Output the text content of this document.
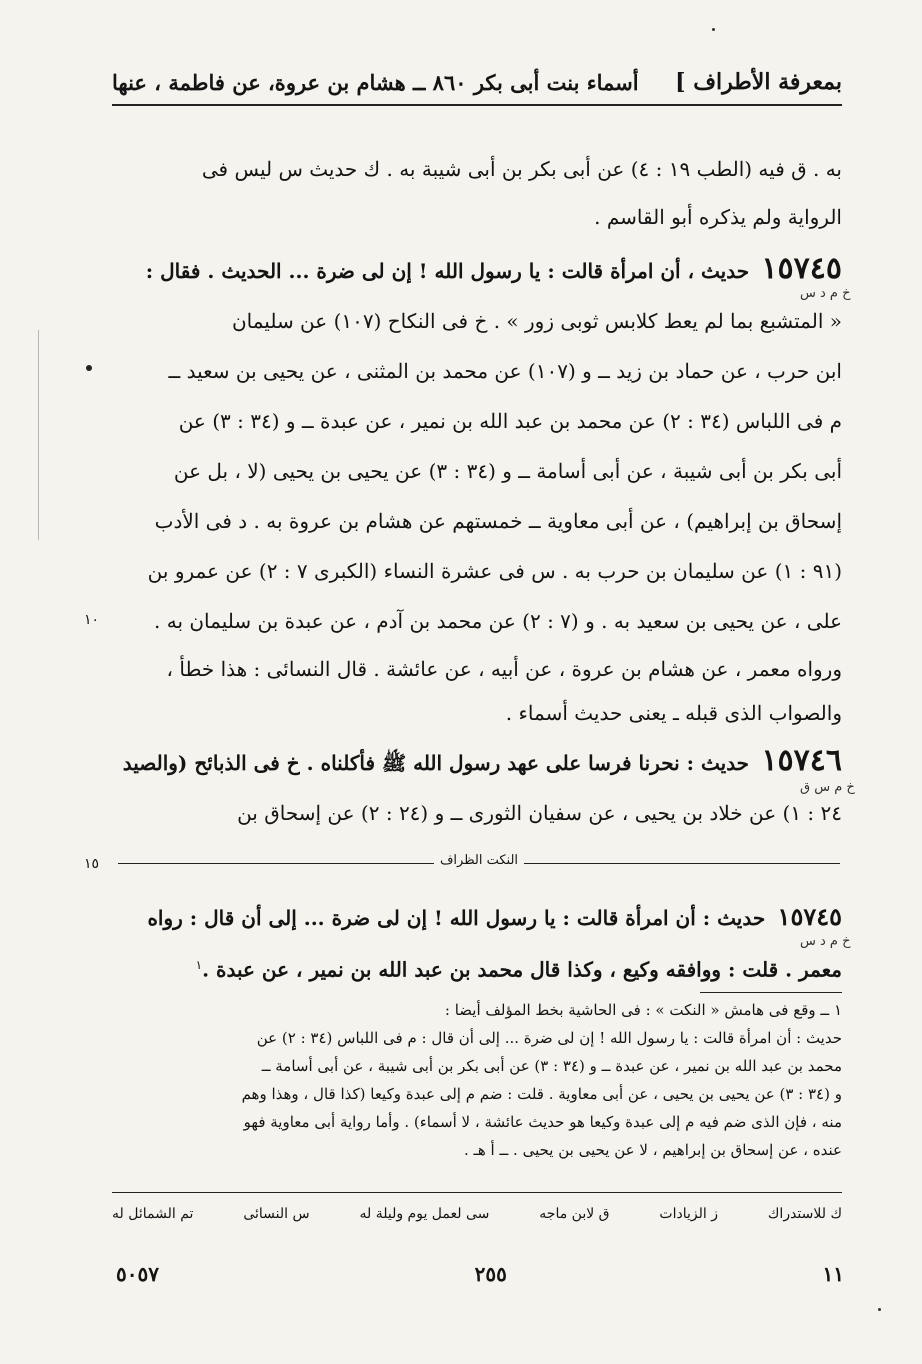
بمعرفة الأطراف ]
أسماء بنت أبى بكر ٨٦٠ ــ هشام بن عروة، عن فاطمة ، عنها
به . ق فيه (الطب ١٩ : ٤) عن أبى بكر بن أبى شيبة به . ك حديث س ليس فى
الرواية ولم يذكره أبو القاسم .
١٥٧٤٥ حديث ، أن امرأة قالت : يا رسول الله ! إن لى ضرة ... الحديث . فقال :
خ م د س
« المتشبع بما لم يعط كلابس ثوبى زور » . خ فى النكاح (١٠٧) عن سليمان
ابن حرب ، عن حماد بن زيد ــ و (١٠٧) عن محمد بن المثنى ، عن يحيى بن سعيد ــ
م فى اللباس (٣٤ : ٢) عن محمد بن عبد الله بن نمير ، عن عبدة ــ و (٣٤ : ٣) عن
أبى بكر بن أبى شيبة ، عن أبى أسامة ــ و (٣٤ : ٣) عن يحيى بن يحيى (لا ، بل عن
إسحاق بن إبراهيم) ، عن أبى معاوية ــ خمستهم عن هشام بن عروة به . د فى الأدب
(٩١ : ١) عن سليمان بن حرب به . س فى عشرة النساء (الكبرى ٧ : ٢) عن عمرو بن
على ، عن يحيى بن سعيد به . و (٧ : ٢) عن محمد بن آدم ، عن عبدة بن سليمان به .
١٠
ورواه معمر ، عن هشام بن عروة ، عن أبيه ، عن عائشة . قال النسائى : هذا خطأ ،
والصواب الذى قبله ـ يعنى حديث أسماء .
١٥٧٤٦ حديث : نحرنا فرسا على عهد رسول الله ﷺ فأكلناه . خ فى الذبائح (والصيد
خ م س ق
٢٤ : ١) عن خلاد بن يحيى ، عن سفيان الثورى ــ و (٢٤ : ٢) عن إسحاق بن
النكت الظراف
١٥
١٥٧٤٥ حديث : أن امرأة قالت : يا رسول الله ! إن لى ضرة ... إلى أن قال : رواه
خ م د س
معمر . قلت : ووافقه وكيع ، وكذا قال محمد بن عبد الله بن نمير ، عن عبدة .$^١$
١ ــ وقع فى هامش « النكت » : فى الحاشية بخط المؤلف أيضا :
حديث : أن امرأة قالت : يا رسول الله ! إن لى ضرة ... إلى أن قال : م فى اللباس (٣٤ : ٢) عن
محمد بن عبد الله بن نمير ، عن عبدة ــ و (٣٤ : ٣) عن أبى بكر بن أبى شيبة ، عن أبى أسامة ــ
و (٣٤ : ٣) عن يحيى بن يحيى ، عن أبى معاوية . قلت : ضم م إلى عبدة وكيعا (كذا قال ، وهذا وهم
منه ، فإن الذى ضم فيه م إلى عبدة وكيعا هو حديث عائشة ، لا أسماء) . وأما رواية أبى معاوية فهو
عنده ، عن إسحاق بن إبراهيم ، لا عن يحيى بن يحيى . ــ أ هـ .
تم الشمائل له	س النسائى	سى لعمل يوم وليلة له	ق لابن ماجه	ز الزيادات	ك للاستدراك
١١
٢٥٥
٥٠٥٧
